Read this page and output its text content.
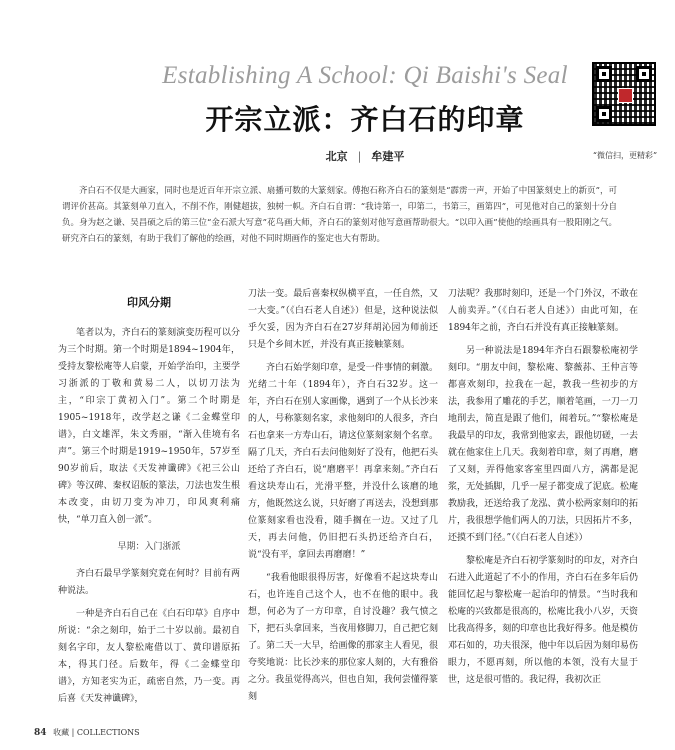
Establishing A School: Qi Baishi's Seal
开宗立派：齐白石的印章
北京 | 牟建平	“微信扫，更精彩”
齐白石不仅是大画家，同时也是近百年开宗立派、扇播可数的大篆刻家。傅抱石称齐白石的篆刻是“霹雳一声，开始了中国篆刻史上的新页”，可谓评价甚高。其篆刻单刀直入，不削不作，刚健超拔，独树一帜。齐白石自谓：“我诗第一，印第二，书第三，画第四”，可见他对自己的篆刻十分自负。身为赵之谦、吴昌硕之后的第三位“金石派大写意”花鸟画大师，齐白石的篆刻对他写意画帮助很大。“以印入画”使他的绘画具有一股阳刚之气。研究齐白石的篆刻，有助于我们了解他的绘画，对他不同时期画作的鉴定也大有帮助。
印风分期

笔者以为，齐白石的篆刻演变历程可以分为三个时期。第一个时期是1894~1904年，受持友黎松庵等人启蒙，开始学治印，主要学习浙派的丁敬和黄易二人，以切刀法为主，“印宗丁黄初入门”。第二个时期是1905~1918年，改学赵之谦《二金蝶堂印谱》，白文雄浑，朱文秀丽，“渐入佳境有名声”。第三个时期是1919~1950年，57岁至90岁前后，取法《天发神谶碑》《祀三公山碑》等汉碑、秦权诏版的篆法，刀法也发生根本改变，由切刀变为冲刀，印风爽利痛快，“单刀直入创一派”。

早期：入门浙派

齐白石最早学篆刻究竟在何时？目前有两种说法。

一种是齐白石自己在《白石印草》自序中所说：“余之刻印，始于二十岁以前。最初自刻名字印，友人黎松庵借以丁、黄印谱原拓本，得其门径。后数年，得《二金蝶堂印谱》，方知老实为正，疏密自然，乃一变。再后喜《天发神谶碑》，

刀法一变。最后喜秦权纵横平直，一任自然，又一大变。”（《白石老人自述》）但是，这种说法似乎欠妥，因为齐白石在27岁拜胡沁园为师前还只是个乡间木匠，并没有真正接触篆刻。

齐白石始学刻印章，是受一件事情的刺激。光绪二十年（1894年），齐白石32岁。这一年，齐白石在别人家画像，遇到了一个从长沙来的人，号称篆刻名家，求他刻印的人很多，齐白石也拿来一方寿山石，请这位篆刻家刻个名章。隔了几天，齐白石去问他刻好了没有，他把石头还给了齐白石，说“磨磨平！再拿来刻。”齐白石看这块寿山石，光滑平整，并没什么该磨的地方，他既然这么说，只好磨了再送去，没想到那位篆刻家看也没看，随手搁在一边。又过了几天，再去问他，仍旧把石头扔还给齐白石，说“没有平，拿回去再磨磨！”

“我看他眼很得厉害，好像看不起这块寿山石，也许连自己这个人，也不在他的眼中。我想，何必为了一方印章，自讨没趣？我气愤之下，把石头拿回来，当夜用修脚刀，自己把它刻了。第二天一大早，给画像的那家主人看见，很夸奖地说：比长沙来的那位家人刻的，大有雅俗之分。我虽觉得高兴，但也自知，我何尝懂得篆刻

刀法呢？我那时刻印，还是一个门外汉，不敢在人前卖弄。”（《白石老人自述》）由此可知，在1894年之前，齐白石并没有真正接触篆刻。

另一种说法是1894年齐白石跟黎松庵初学刻印。“朋友中间，黎松庵、黎薇荪、王仲言等都喜欢刻印，拉我在一起，教我一些初步的方法，我参用了雕花的手艺，顺着笔画，一刀一刀地削去，简直是跟了他们，闹着玩。”“黎松庵是我最早的印友，我常到他家去，跟他切磋，一去就在他家住上几天。我刻着印章，刻了再磨，磨了又刻，弄得他家客室里四面八方，满都是泥浆，无处插脚，几乎一屋子都变成了泥底。松庵教励我，还送给我了龙泓、黄小松两家刻印的拓片，我很想学他们两人的刀法，只因拓片不多，还摸不到门径。”（《白石老人自述》）

黎松庵是齐白石初学篆刻时的印友，对齐白石进入此道起了不小的作用，齐白石在多年后仍能回忆起与黎松庵一起治印的情景。“当时我和松庵的兴致都是很高的，松庵比我小八岁，天资比我高得多，刻的印章也比我好得多。他是模仿邓石如的，功夫很深，他中年以后因为刻印易伤眼力，不愿再刻，所以他的本领，没有大显于世，这是很可惜的。我记得，我初次正

84 收藏 | COLLECTIONS
